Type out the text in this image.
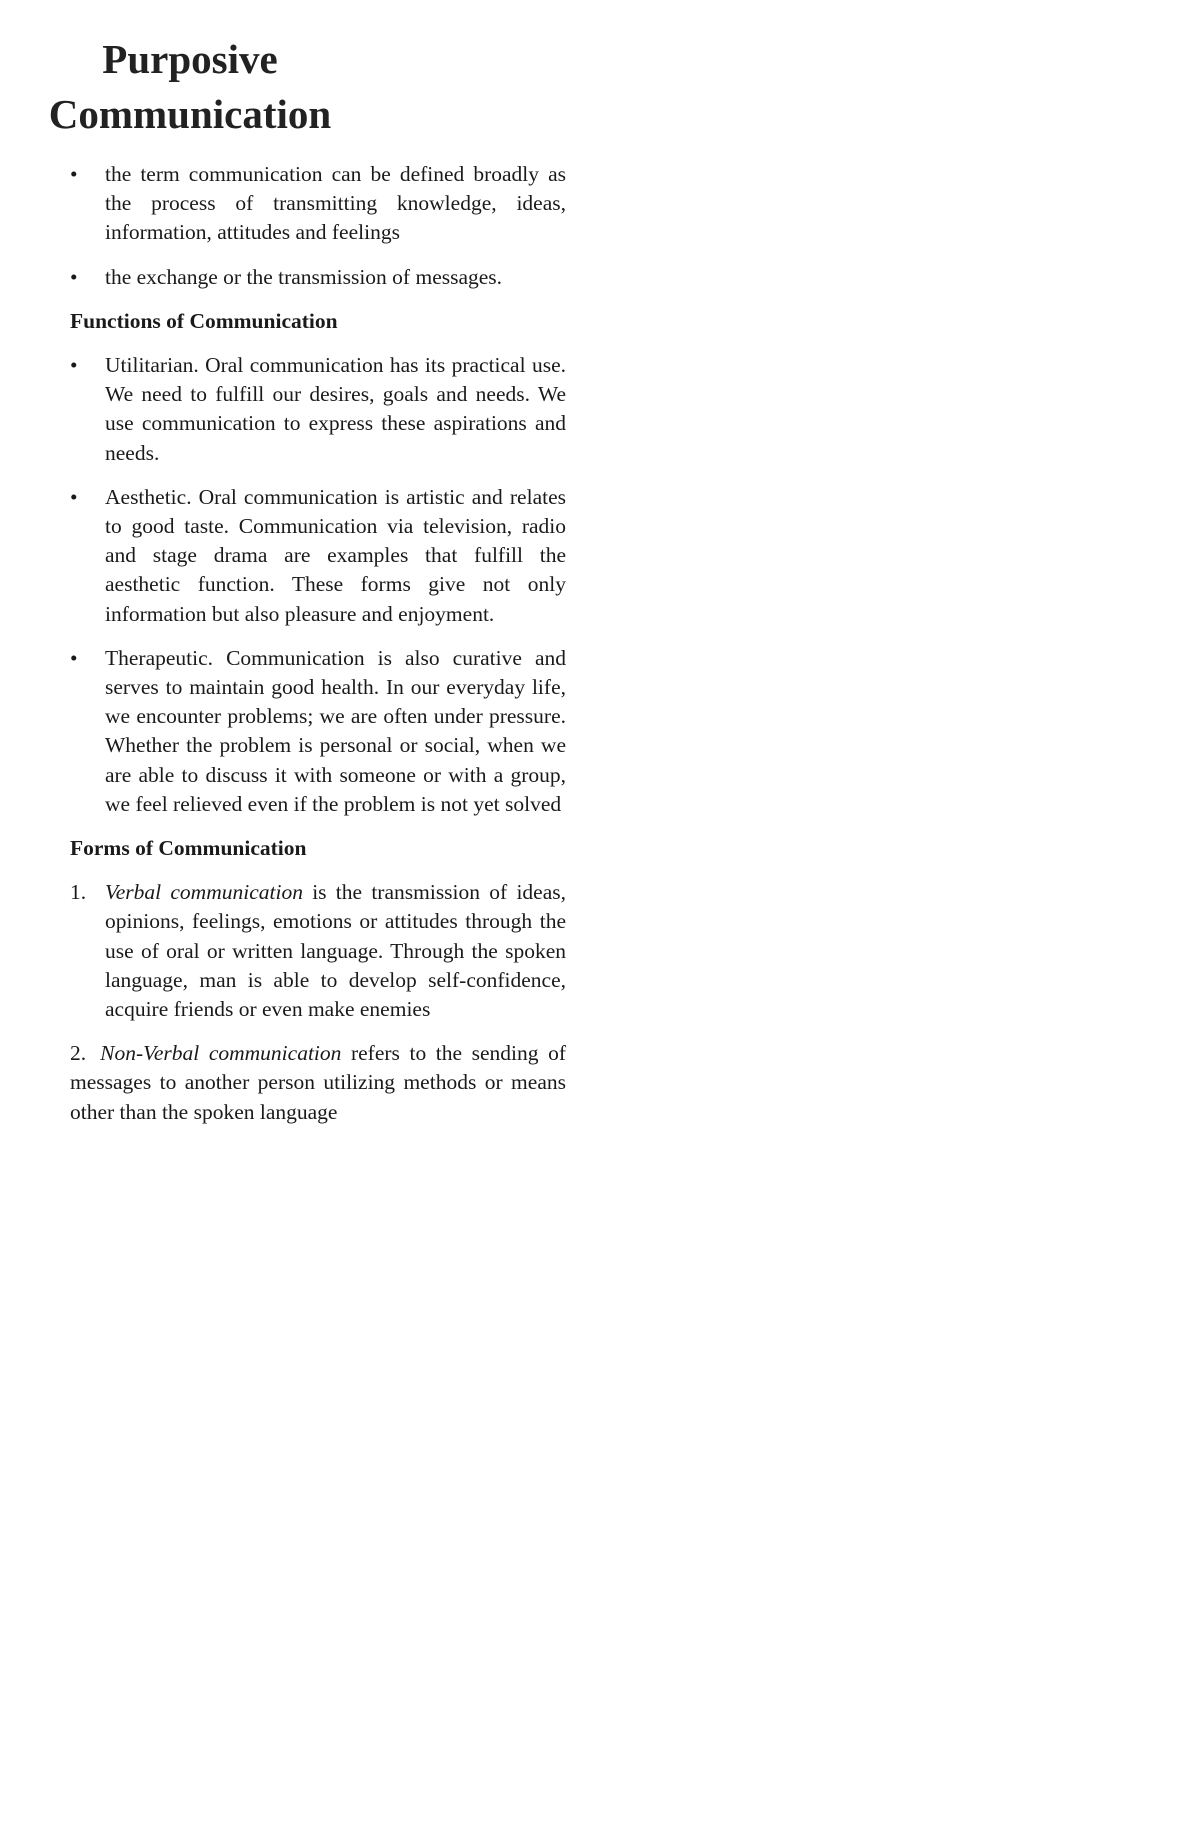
Purposive
Communication
•	the term communication can be defined broadly as the process of transmitting knowledge, ideas, information, attitudes and feelings
•	the exchange or the transmission of messages.
Functions of Communication
•	Utilitarian. Oral communication has its practical use. We need to fulfill our desires, goals and needs. We use communication to express these aspirations and needs.
•	Aesthetic. Oral communication is artistic and relates to good taste. Communication via television, radio and stage drama are examples that fulfill the aesthetic function. These forms give not only information but also pleasure and enjoyment.
•	Therapeutic. Communication is also curative and serves to maintain good health. In our everyday life, we encounter problems; we are often under pressure. Whether the problem is personal or social, when we are able to discuss it with someone or with a group, we feel relieved even if the problem is not yet solved
Forms of Communication
1. Verbal communication is the transmission of ideas, opinions, feelings, emotions or attitudes through the use of oral or written language. Through the spoken language, man is able to develop self-confidence, acquire friends or even make enemies
2. Non-Verbal communication refers to the sending of messages to another person utilizing methods or means other than the spoken language
